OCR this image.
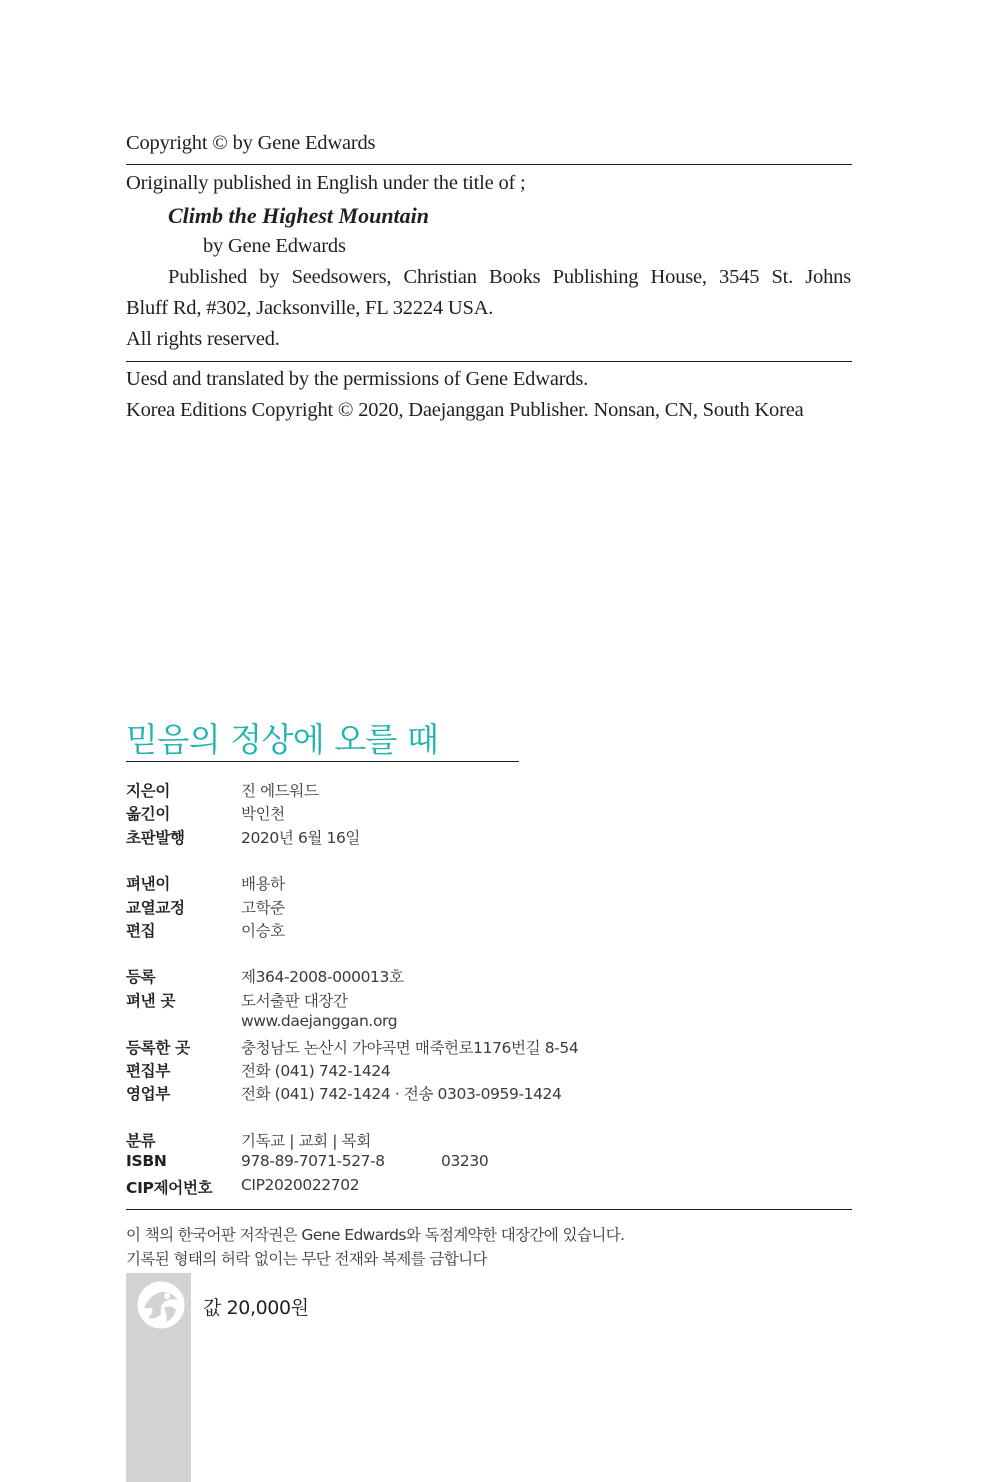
Copyright © by Gene Edwards
Originally published in English under the title of ;
Climb the Highest Mountain
by Gene Edwards
Published by Seedsowers, Christian Books Publishing House, 3545 St. Johns
Bluff Rd, #302, Jacksonville, FL 32224 USA.
All rights reserved.
Uesd and translated by the permissions of Gene Edwards.
Korea Editions Copyright © 2020, Daejanggan Publisher. Nonsan, CN, South Korea
믿음의 정상에 오를 때
지은이	진 에드워드
옮긴이	박인천
초판발행	2020년 6월 16일
펴낸이	배용하
교열교정	고학준
편집	이승호
등록	제364-2008-000013호
펴낸 곳	도서출판 대장간
www.daejanggan.org
등록한 곳	충청남도 논산시 가야곡면 매죽헌로1176번길 8-54
편집부	전화 (041) 742-1424
영업부	전화 (041) 742-1424 · 전송 0303-0959-1424
분류	기독교 | 교회 | 목회
ISBN	978-89-7071-527-8	03230
CIP제어번호 CIP2020022702
이 책의 한국어판 저작권은 Gene Edwards와 독점계약한 대장간에 있습니다.
기록된 형태의 허락 없이는 무단 전재와 복제를 금합니다
값 20,000원
